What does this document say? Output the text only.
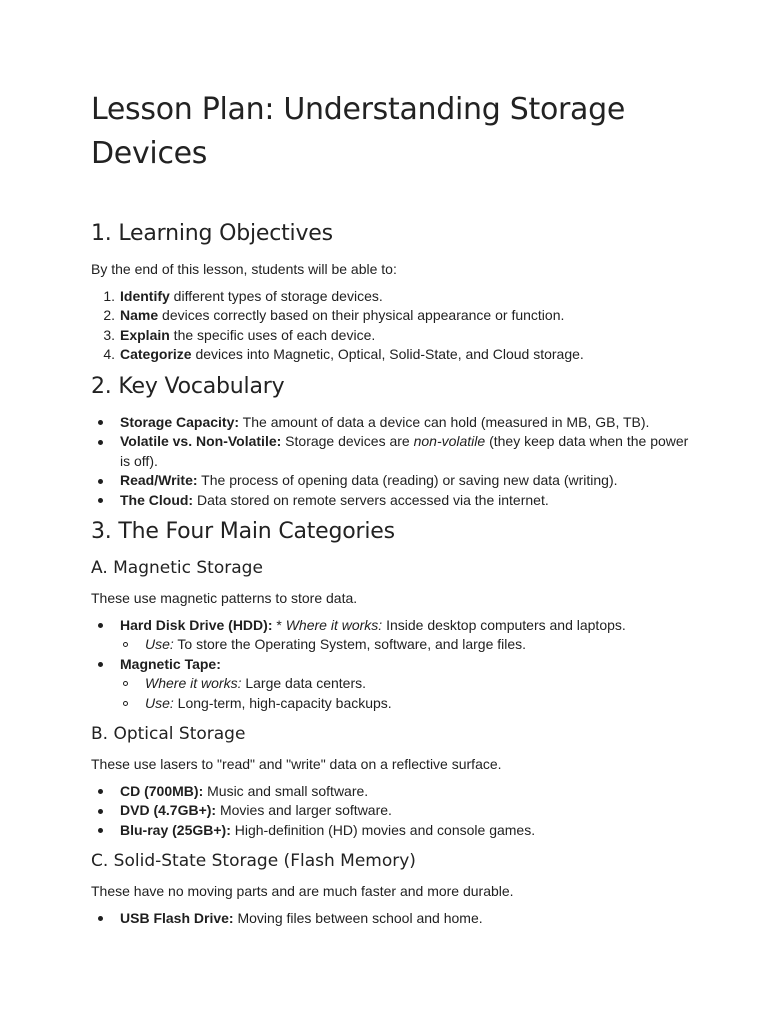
Lesson Plan: Understanding Storage Devices
1. Learning Objectives

By the end of this lesson, students will be able to:

1. Identify different types of storage devices.
2. Name devices correctly based on their physical appearance or function.
3. Explain the specific uses of each device.
4. Categorize devices into Magnetic, Optical, Solid-State, and Cloud storage.
2. Key Vocabulary
Storage Capacity: The amount of data a device can hold (measured in MB, GB, TB).
Volatile vs. Non-Volatile: Storage devices are non-volatile (they keep data when the power is off).
Read/Write: The process of opening data (reading) or saving new data (writing).
The Cloud: Data stored on remote servers accessed via the internet.
3. The Four Main Categories
A. Magnetic Storage

These use magnetic patterns to store data.

Hard Disk Drive (HDD): * Where it works: Inside desktop computers and laptops.
Use: To store the Operating System, software, and large files.
Magnetic Tape:
Where it works: Large data centers.
Use: Long-term, high-capacity backups.
B. Optical Storage

These use lasers to "read" and "write" data on a reflective surface.

CD (700MB): Music and small software.
DVD (4.7GB+): Movies and larger software.
Blu-ray (25GB+): High-definition (HD) movies and console games.
C. Solid-State Storage (Flash Memory)

These have no moving parts and are much faster and more durable.

USB Flash Drive: Moving files between school and home.
